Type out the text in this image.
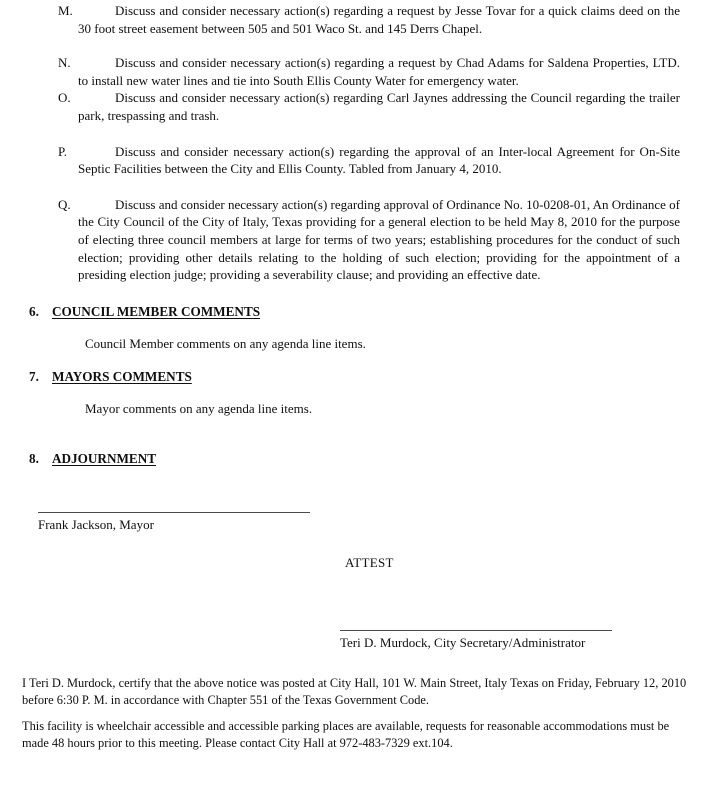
M.	Discuss and consider necessary action(s) regarding a request by Jesse Tovar for a quick claims deed on the 30 foot street easement between 505 and 501 Waco St. and 145 Derrs Chapel.
N.	Discuss and consider necessary action(s) regarding a request by Chad Adams for Saldena Properties, LTD. to install new water lines and tie into South Ellis County Water for emergency water.
O.	Discuss and consider necessary action(s) regarding Carl Jaynes addressing the Council regarding the trailer park, trespassing and trash.
P.	Discuss and consider necessary action(s) regarding the approval of an Inter-local Agreement for On-Site Septic Facilities between the City and Ellis County. Tabled from January 4, 2010.
Q.	Discuss and consider necessary action(s) regarding approval of Ordinance No. 10-0208-01, An Ordinance of the City Council of the City of Italy, Texas providing for a general election to be held May 8, 2010 for the purpose of electing three council members at large for terms of two years; establishing procedures for the conduct of such election; providing other details relating to the holding of such election; providing for the appointment of a presiding election judge; providing a severability clause; and providing an effective date.
6. COUNCIL MEMBER COMMENTS
Council Member comments on any agenda line items.
7. MAYORS COMMENTS
Mayor comments on any agenda line items.
8. ADJOURNMENT
Frank Jackson, Mayor
ATTEST
Teri D. Murdock, City Secretary/Administrator
I Teri D. Murdock, certify that the above notice was posted at City Hall, 101 W. Main Street, Italy Texas on Friday, February 12, 2010 before 6:30 P. M. in accordance with Chapter 551 of the Texas Government Code.
This facility is wheelchair accessible and accessible parking places are available, requests for reasonable accommodations must be made 48 hours prior to this meeting. Please contact City Hall at 972-483-7329 ext.104.
